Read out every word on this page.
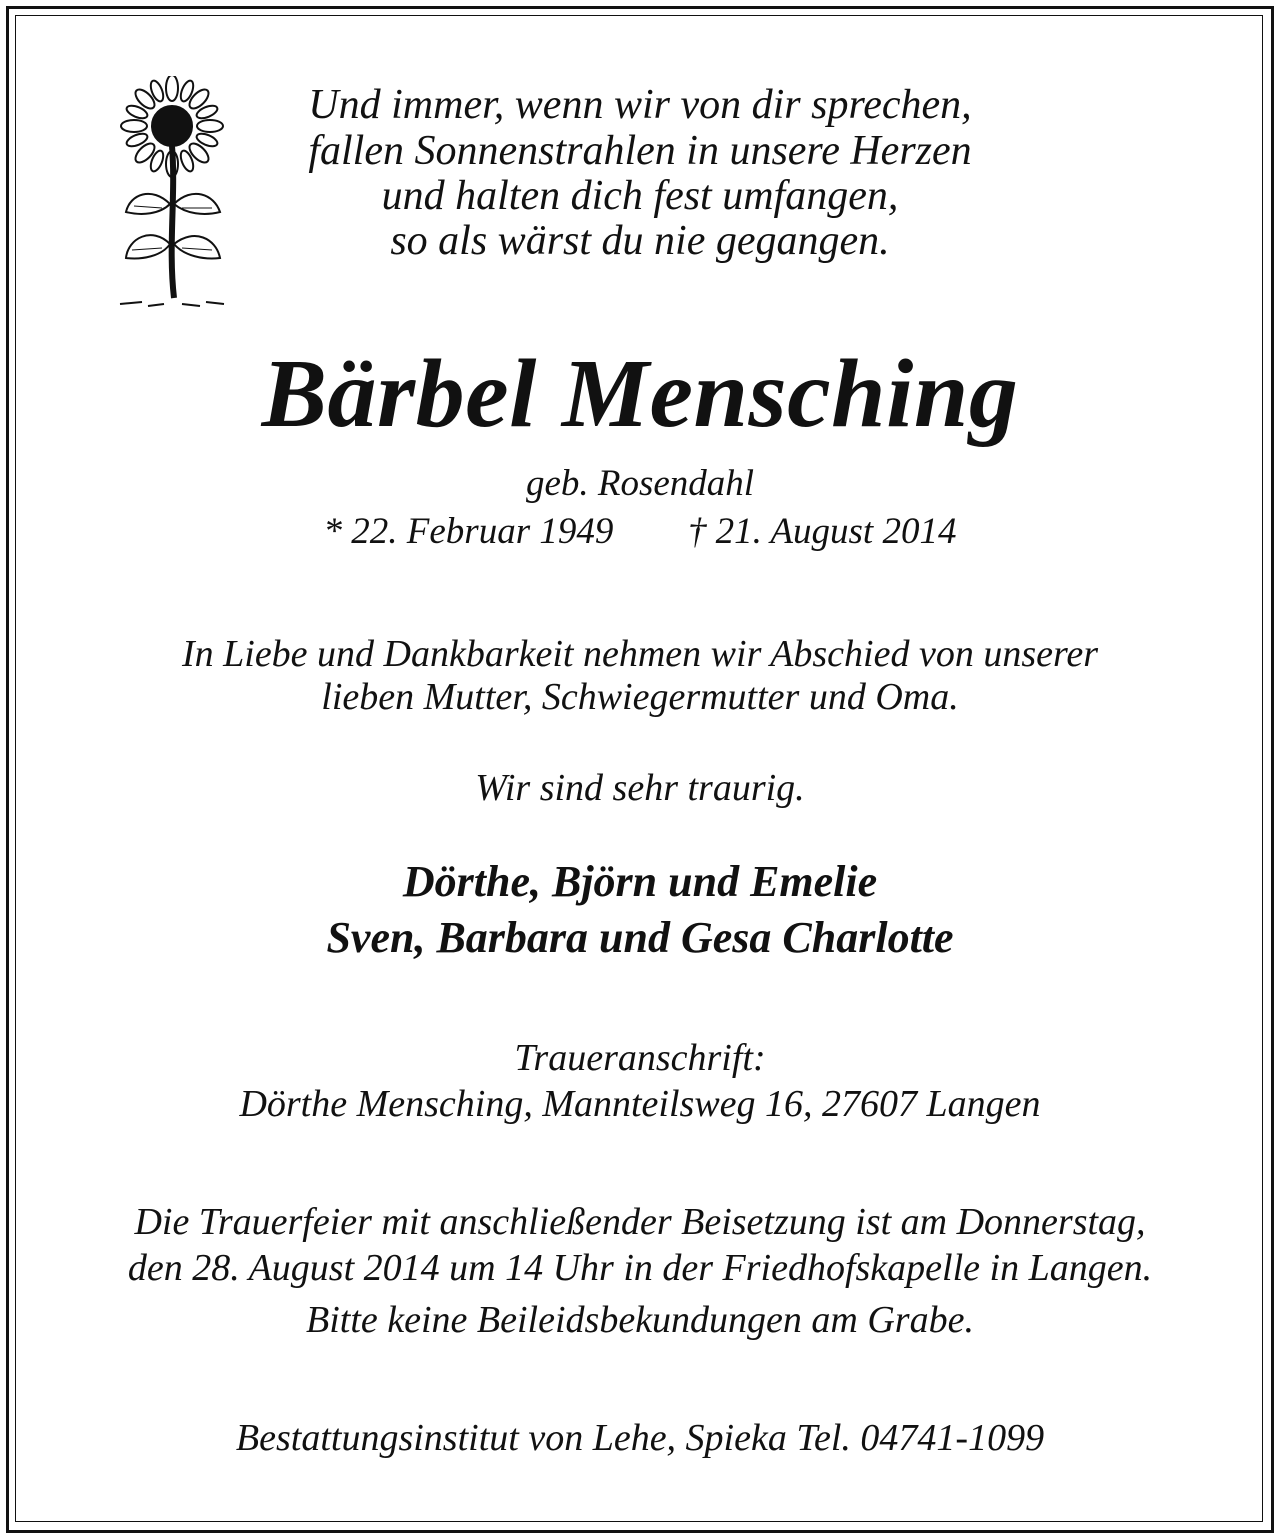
Und immer, wenn wir von dir sprechen,
fallen Sonnenstrahlen in unsere Herzen
und halten dich fest umfangen,
so als wärst du nie gegangen.
Bärbel Mensching
geb. Rosendahl
* 22. Februar 1949 † 21. August 2014
In Liebe und Dankbarkeit nehmen wir Abschied von unserer
lieben Mutter, Schwiegermutter und Oma.
Wir sind sehr traurig.
Dörthe, Björn und Emelie
Sven, Barbara und Gesa Charlotte
Traueranschrift:
Dörthe Mensching, Mannteilsweg 16, 27607 Langen
Die Trauerfeier mit anschließender Beisetzung ist am Donnerstag,
den 28. August 2014 um 14 Uhr in der Friedhofskapelle in Langen.
Bitte keine Beileidsbekundungen am Grabe.
Bestattungsinstitut von Lehe, Spieka Tel. 04741-1099
